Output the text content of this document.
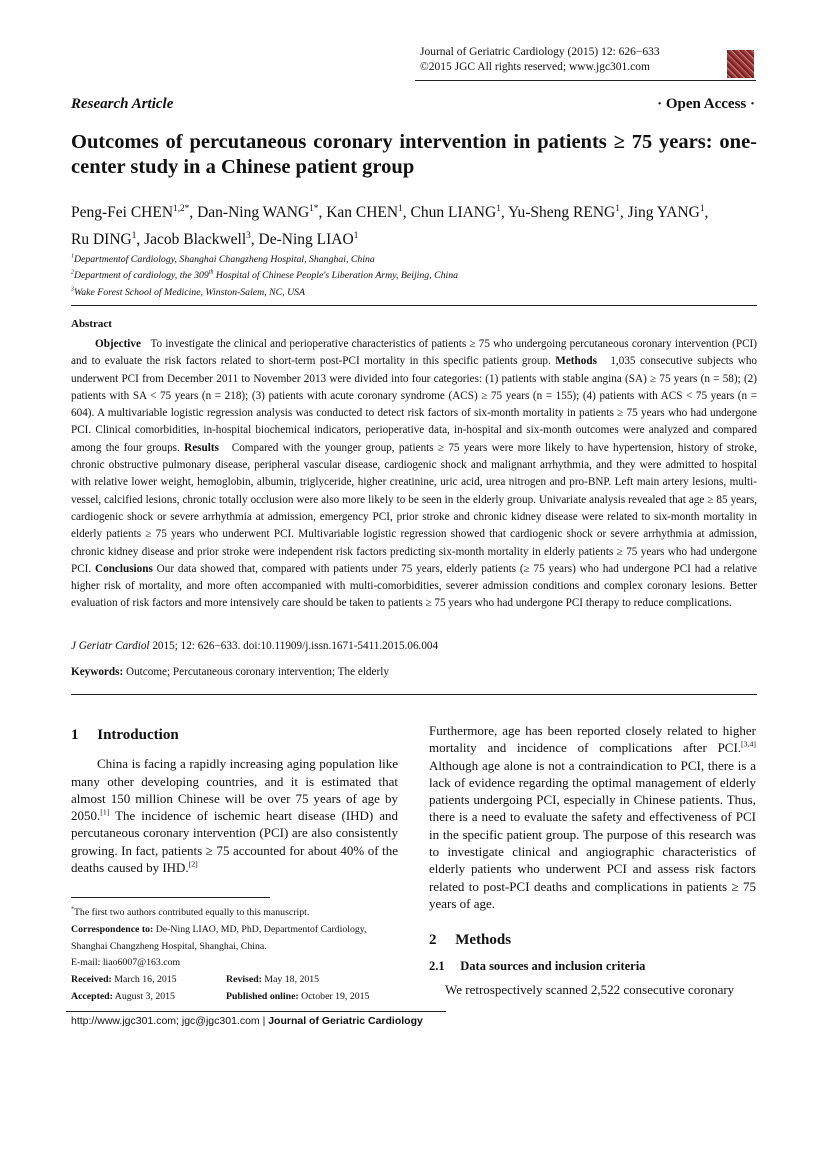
Journal of Geriatric Cardiology (2015) 12: 626−633
©2015 JGC All rights reserved; www.jgc301.com
Research Article	· Open Access ·
Outcomes of percutaneous coronary intervention in patients ≥ 75 years: one-center study in a Chinese patient group
Peng-Fei $CHEN^{1,2*}$, Dan-Ning $WANG^{1*}$, Kan CHEN$^1$, Chun LIANG$^1$, Yu-Sheng RENG$^1$, Jing YANG$^1$,
Ru DING$^1$, Jacob Blackwell$^3$, De-Ning LIAO$^1$
$^1$Departmentof Cardiology, Shanghai Changzheng Hospital, Shanghai, China
$^2$Department of cardiology, the 309th Hospital of Chinese People's Liberation Army, Beijing, China
$^3$Wake Forest School of Medicine, Winston-Salem, NC, USA
Abstract
Objective To investigate the clinical and perioperative characteristics of patients ≥ 75 who undergoing percutaneous coronary intervention (PCI) and to evaluate the risk factors related to short-term post-PCI mortality in this specific patients group. Methods 1,035 consecutive subjects who underwent PCI from December 2011 to November 2013 were divided into four categories: (1) patients with stable angina (SA) ≥ 75 years (n = 58); (2) patients with SA < 75 years (n = 218); (3) patients with acute coronary syndrome (ACS) ≥ 75 years (n = 155); (4) patients with ACS < 75 years (n = 604). A multivariable logistic regression analysis was conducted to detect risk factors of six-month mortality in patients ≥ 75 years who had undergone PCI. Clinical comorbidities, in-hospital biochemical indicators, perioperative data, in-hospital and six-month outcomes were analyzed and compared among the four groups. Results Compared with the younger group, patients ≥ 75 years were more likely to have hypertension, history of stroke, chronic obstructive pulmonary disease, peripheral vascular disease, cardiogenic shock and malignant arrhythmia, and they were admitted to hospital with relative lower weight, hemoglobin, albumin, triglyceride, higher creatinine, uric acid, urea nitrogen and pro-BNP. Left main artery lesions, multi-vessel, calcified lesions, chronic totally occlusion were also more likely to be seen in the elderly group. Univariate analysis revealed that age ≥ 85 years, cardiogenic shock or severe arrhythmia at admission, emergency PCI, prior stroke and chronic kidney disease were related to six-month mortality in elderly patients ≥ 75 years who underwent PCI. Multivariable logistic regression showed that cardiogenic shock or severe arrhythmia at admission, chronic kidney disease and prior stroke were independent risk factors predicting six-month mortality in elderly patients ≥ 75 years who had undergone PCI. Conclusions Our data showed that, compared with patients under 75 years, elderly patients (≥ 75 years) who had undergone PCI had a relative higher risk of mortality, and more often accompanied with multi-comorbidities, severer admission conditions and complex coronary lesions. Better evaluation of risk factors and more intensively care should be taken to patients ≥ 75 years who had undergone PCI therapy to reduce complications.
J Geriatr Cardiol 2015; 12: 626−633. doi:10.11909/j.issn.1671-5411.2015.06.004
Keywords: Outcome; Percutaneous coronary intervention; The elderly
1  Introduction
China is facing a rapidly increasing aging population like many other developing countries, and it is estimated that almost 150 million Chinese will be over 75 years of age by 2050.[1] The incidence of ischemic heart disease (IHD) and percutaneous coronary intervention (PCI) are also consistently growing. In fact, patients ≥ 75 accounted for about 40% of the deaths caused by IHD.[2]
Furthermore, age has been reported closely related to higher mortality and incidence of complications after PCI.[3,4] Although age alone is not a contraindication to PCI, there is a lack of evidence regarding the optimal management of elderly patients undergoing PCI, especially in Chinese patients. Thus, there is a need to evaluate the safety and effectiveness of PCI in the specific patient group. The purpose of this research was to investigate clinical and angiographic characteristics of elderly patients who underwent PCI and assess risk factors related to post-PCI deaths and complications in patients ≥ 75 years of age.
2  Methods
2.1  Data sources and inclusion criteria
We retrospectively scanned 2,522 consecutive coronary
*The first two authors contributed equally to this manuscript.
Correspondence to: De-Ning LIAO, MD, PhD, Departmentof Cardiology, Shanghai Changzheng Hospital, Shanghai, China.
E-mail: liao6007@163.com
Received: March 16, 2015	Revised: May 18, 2015
Accepted: August 3, 2015	Published online: October 19, 2015
http://www.jgc301.com; jgc@jgc301.com | Journal of Geriatric Cardiology
